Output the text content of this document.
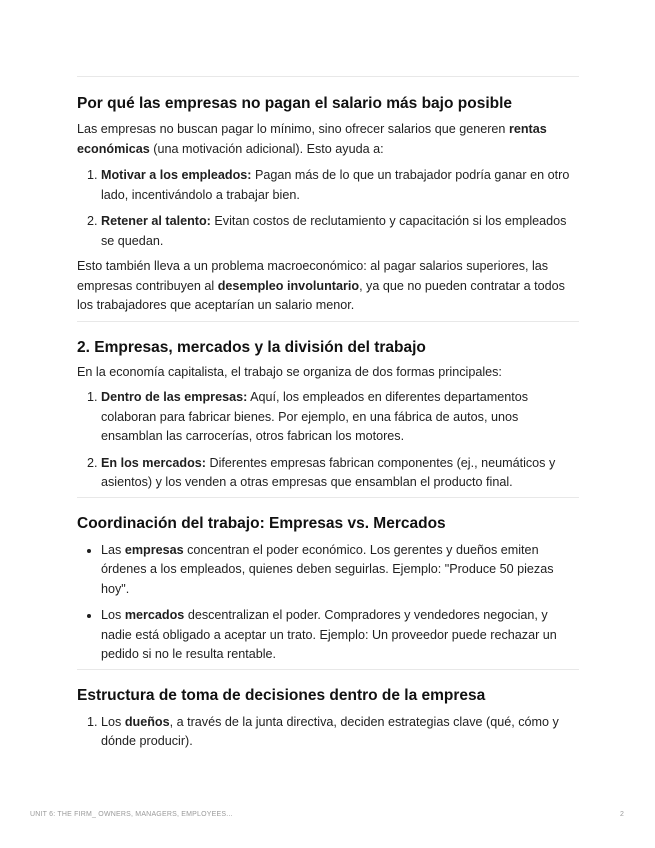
Por qué las empresas no pagan el salario más bajo posible

Las empresas no buscan pagar lo mínimo, sino ofrecer salarios que generen rentas económicas (una motivación adicional). Esto ayuda a:

1. Motivar a los empleados: Pagan más de lo que un trabajador podría ganar en otro lado, incentivándolo a trabajar bien.
2. Retener al talento: Evitan costos de reclutamiento y capacitación si los empleados se quedan.

Esto también lleva a un problema macroeconómico: al pagar salarios superiores, las empresas contribuyen al desempleo involuntario, ya que no pueden contratar a todos los trabajadores que aceptarían un salario menor.

2. Empresas, mercados y la división del trabajo

En la economía capitalista, el trabajo se organiza de dos formas principales:

1. Dentro de las empresas: Aquí, los empleados en diferentes departamentos colaboran para fabricar bienes. Por ejemplo, en una fábrica de autos, unos ensamblan las carrocerías, otros fabrican los motores.
2. En los mercados: Diferentes empresas fabrican componentes (ej., neumáticos y asientos) y los venden a otras empresas que ensamblan el producto final.
Coordinación del trabajo: Empresas vs. Mercados
• Las empresas concentran el poder económico. Los gerentes y dueños emiten órdenes a los empleados, quienes deben seguirlas. Ejemplo: "Produce 50 piezas hoy".
• Los mercados descentralizan el poder. Compradores y vendedores negocian, y nadie está obligado a aceptar un trato. Ejemplo: Un proveedor puede rechazar un pedido si no le resulta rentable.
Estructura de toma de decisiones dentro de la empresa
1. Los dueños, a través de la junta directiva, deciden estrategias clave (qué, cómo y dónde producir).
UNIT 6: THE FIRM_ OWNERS, MANAGERS, EMPLOYEES...	2
